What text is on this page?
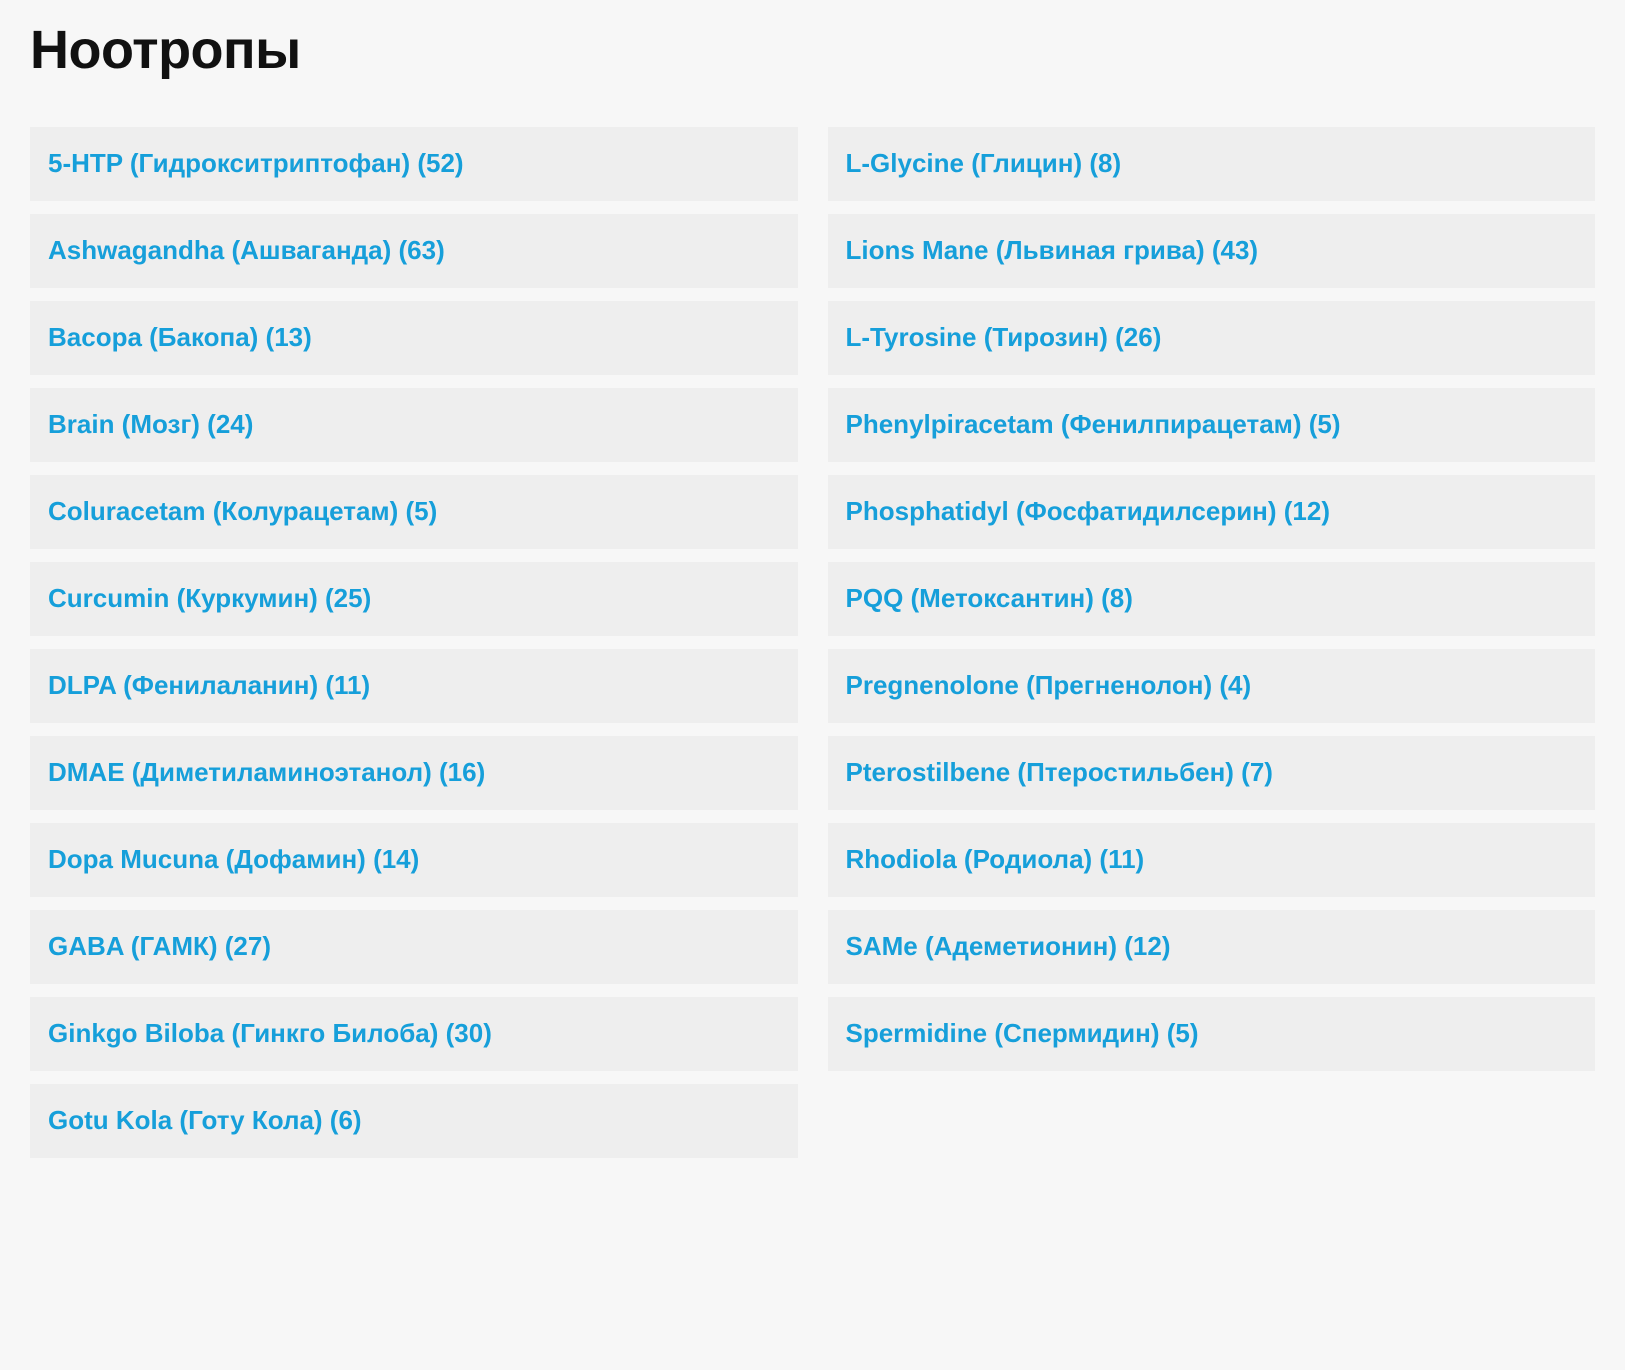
Ноотропы
5-HTP (Гидрокситриптофан) (52)
Ashwagandha (Ашваганда) (63)
Bacopa (Бакопа) (13)
Brain (Мозг) (24)
Coluracetam (Колурацетам) (5)
Curcumin (Куркумин) (25)
DLPA (Фенилаланин) (11)
DMAE (Диметиламиноэтанол) (16)
Dopa Mucuna (Дофамин) (14)
GABA (ГАМК) (27)
Ginkgo Biloba (Гинкго Билоба) (30)
Gotu Kola (Готу Кола) (6)
L-Glycine (Глицин) (8)
Lions Mane (Львиная грива) (43)
L-Tyrosine (Тирозин) (26)
Phenylpiracetam (Фенилпирацетам) (5)
Phosphatidyl (Фосфатидилсерин) (12)
PQQ (Метоксантин) (8)
Pregnenolone (Прегненолон) (4)
Pterostilbene (Птеростильбен) (7)
Rhodiola (Родиола) (11)
SAMe (Адеметионин) (12)
Spermidine (Спермидин) (5)
